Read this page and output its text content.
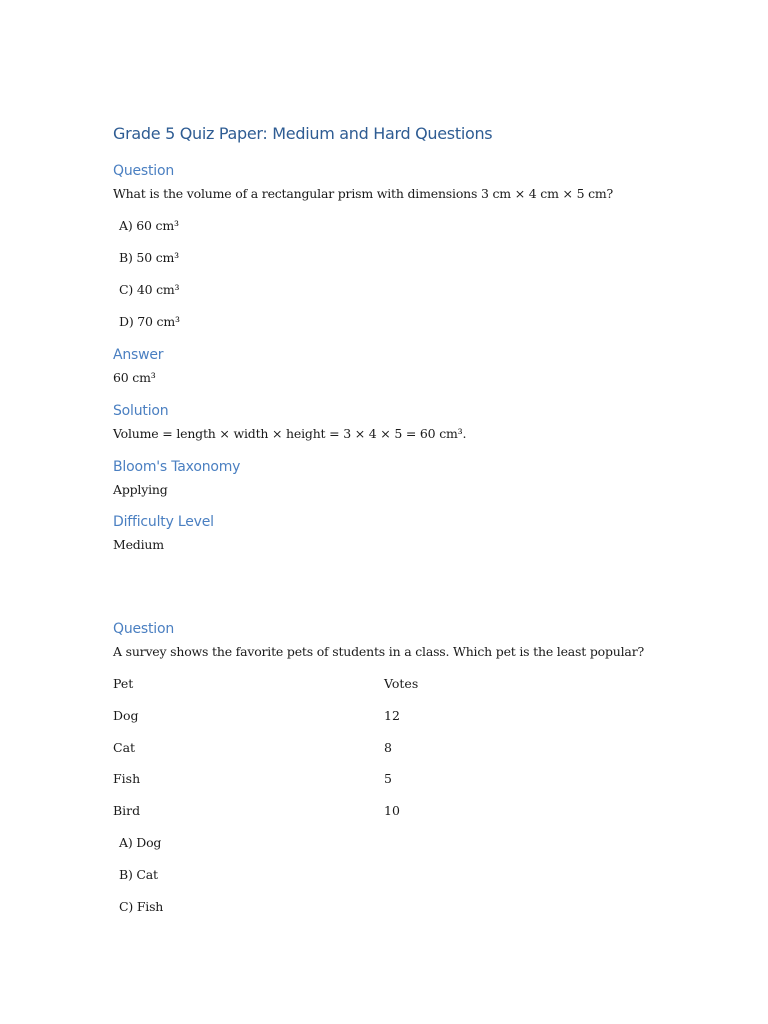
Grade 5 Quiz Paper: Medium and Hard Questions
Question
What is the volume of a rectangular prism with dimensions 3 cm × 4 cm × 5 cm?
A) 60 cm³
B) 50 cm³
C) 40 cm³
D) 70 cm³
Answer
60 cm³
Solution
Volume = length × width × height = 3 × 4 × 5 = 60 cm³.
Bloom's Taxonomy
Applying
Difficulty Level
Medium
Question
A survey shows the favorite pets of students in a class. Which pet is the least popular?
Pet	Votes
Dog	12
Cat	8
Fish	5
Bird	10
A) Dog
B) Cat
C) Fish
